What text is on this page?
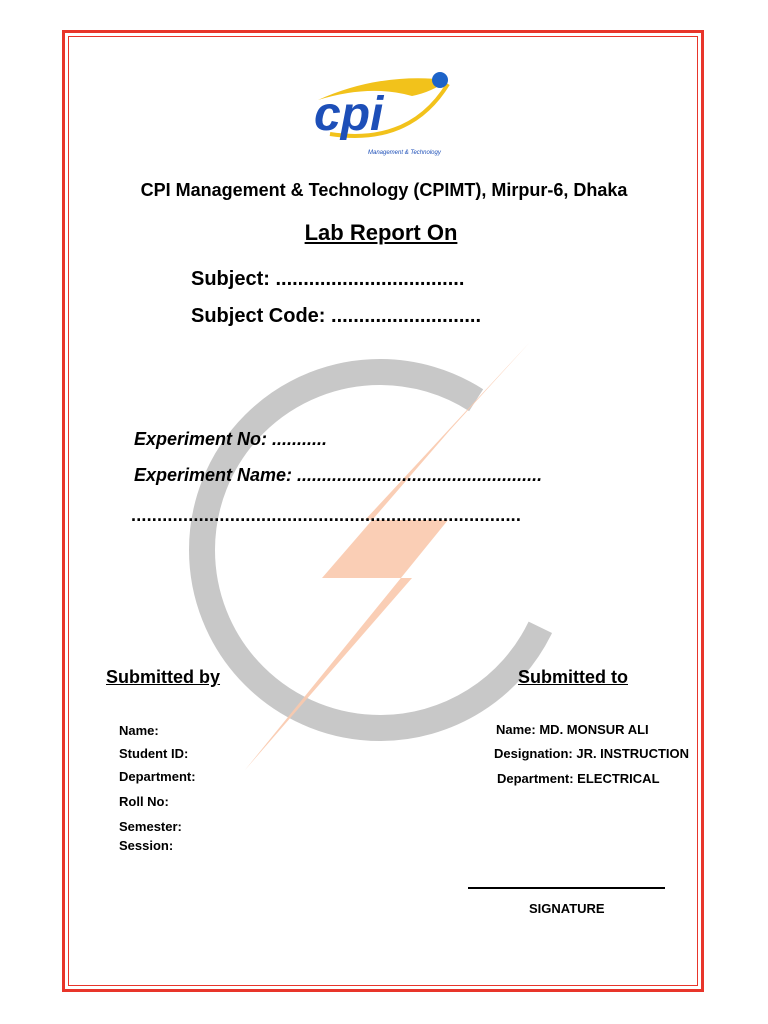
cpi
Management & Technology
CPI Management & Technology (CPIMT), Mirpur-6, Dhaka
Lab Report On
Subject: ..................................
Subject Code: ...........................
Experiment No: ...........
Experiment Name: .................................................
...........................................................................
Submitted by	Submitted to
Name:
Student ID:
Department:
Roll No:
Semester:
Session:
Name: MD. MONSUR ALI
Designation: JR. INSTRUCTION
Department: ELECTRICAL
SIGNATURE
